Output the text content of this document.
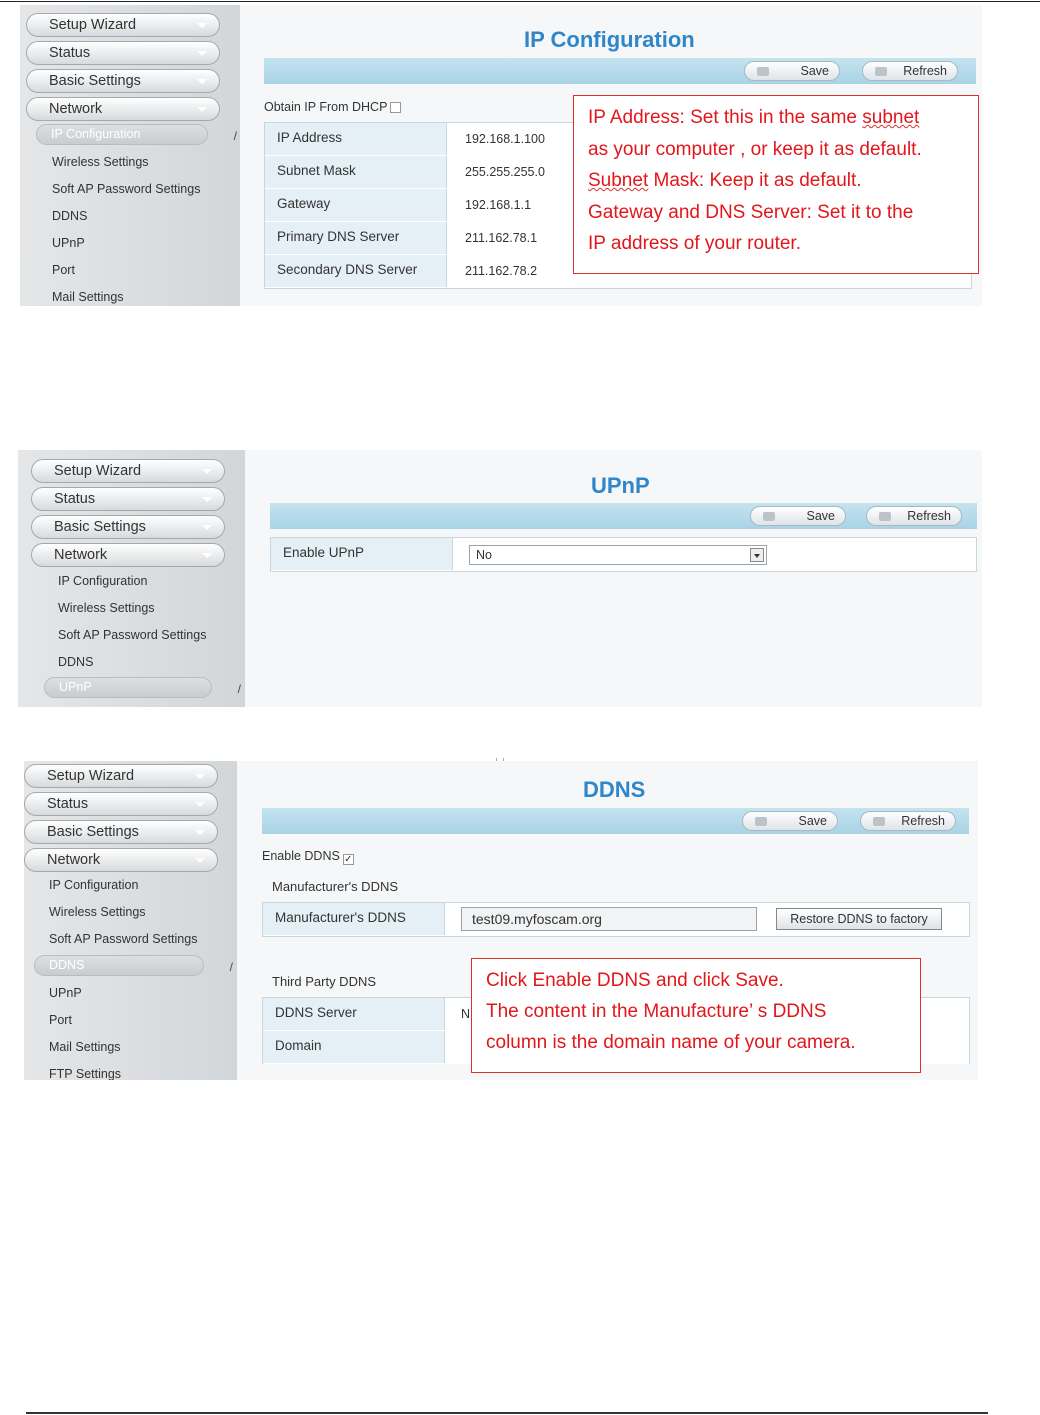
Setup Wizard
Status
Basic Settings
Network
IP Configuration	/
Wireless Settings
Soft AP Password Settings
DDNS
UPnP
Port
Mail Settings
IP Configuration
Save	Refresh
Obtain IP From DHCP
IP Address	192.168.1.100
Subnet Mask	255.255.255.0
Gateway	192.168.1.1
Primary DNS Server	211.162.78.1
Secondary DNS Server	211.162.78.2
IP Address: Set this in the same subnet
as your computer , or keep it as default.
Subnet Mask: Keep it as default.
Gateway and DNS Server: Set it to the
IP address of your router.
Setup Wizard
Status
Basic Settings
Network
IP Configuration
Wireless Settings
Soft AP Password Settings
DDNS
UPnP	/
UPnP
Save	Refresh
Enable UPnP	No
Setup Wizard
Status
Basic Settings
Network
IP Configuration
Wireless Settings
Soft AP Password Settings
DDNS	/
UPnP
Port
Mail Settings
FTP Settings
DDNS
Save	Refresh
Enable DDNS ✓
Manufacturer's DDNS
Manufacturer's DDNS	test09.myfoscam.org	Restore DDNS to factory
Third Party DDNS
DDNS Server	N
Domain
Click Enable DDNS and click Save.
The content in the Manufacture’ s DDNS
column is the domain name of your camera.
